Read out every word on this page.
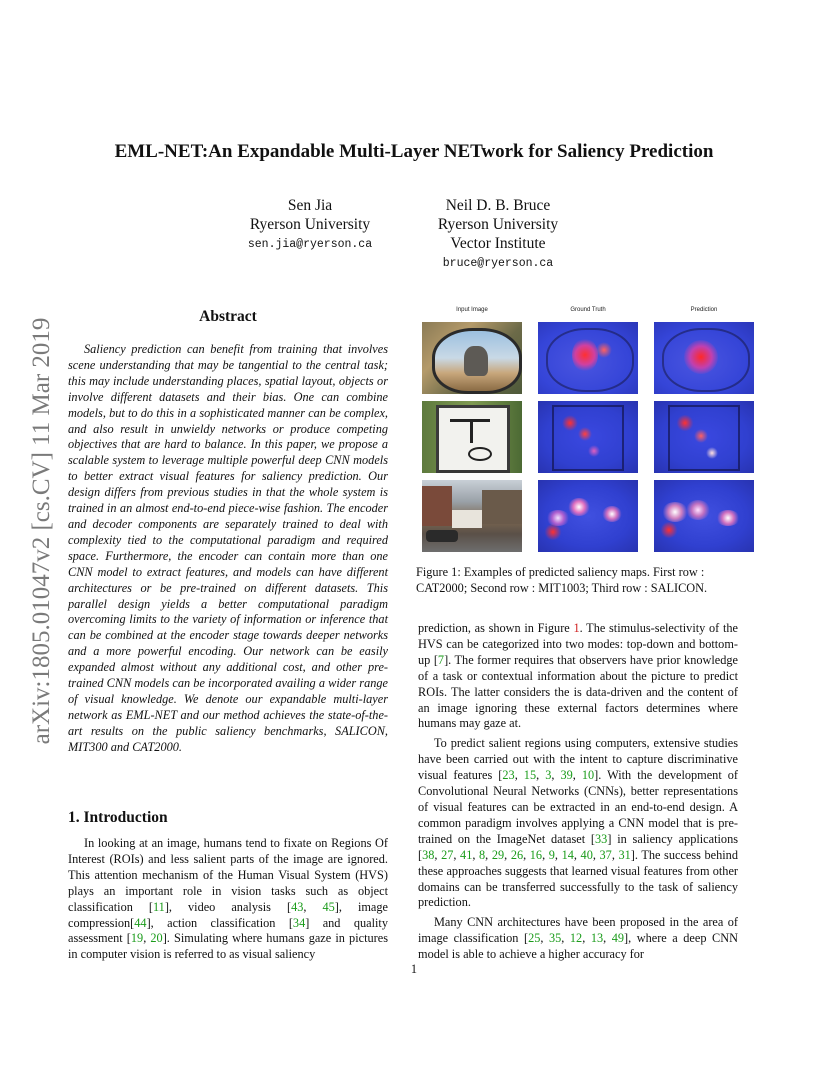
arXiv:1805.01047v2 [cs.CV] 11 Mar 2019
EML-NET:An Expandable Multi-Layer NETwork for Saliency Prediction
Sen Jia
Ryerson University
sen.jia@ryerson.ca
Neil D. B. Bruce
Ryerson University
Vector Institute
bruce@ryerson.ca
Abstract
Saliency prediction can benefit from training that involves scene understanding that may be tangential to the central task; this may include understanding places, spatial layout, objects or involve different datasets and their bias. One can combine models, but to do this in a sophisticated manner can be complex, and also result in unwieldy networks or produce competing objectives that are hard to balance. In this paper, we propose a scalable system to leverage multiple powerful deep CNN models to better extract visual features for saliency prediction. Our design differs from previous studies in that the whole system is trained in an almost end-to-end piece-wise fashion. The encoder and decoder components are separately trained to deal with complexity tied to the computational paradigm and required space. Furthermore, the encoder can contain more than one CNN model to extract features, and models can have different architectures or be pre-trained on different datasets. This parallel design yields a better computational paradigm overcoming limits to the variety of information or inference that can be combined at the encoder stage towards deeper networks and a more powerful encoding. Our network can be easily expanded almost without any additional cost, and other pre-trained CNN models can be incorporated availing a wider range of visual knowledge. We denote our expandable multi-layer network as EML-NET and our method achieves the state-of-the-art results on the public saliency benchmarks, SALICON, MIT300 and CAT2000.
1. Introduction
In looking at an image, humans tend to fixate on Regions Of Interest (ROIs) and less salient parts of the image are ignored. This attention mechanism of the Human Visual System (HVS) plays an important role in vision tasks such as object classification [11], video analysis [43, 45], image compression[44], action classification [34] and quality assessment [19, 20]. Simulating where humans gaze in pictures in computer vision is referred to as visual saliency
Input Image	Ground Truth	Prediction
Figure 1: Examples of predicted saliency maps. First row : CAT2000; Second row : MIT1003; Third row : SALICON.

prediction, as shown in Figure 1. The stimulus-selectivity of the HVS can be categorized into two modes: top-down and bottom-up [7]. The former requires that observers have prior knowledge of a task or contextual information about the picture to predict ROIs. The latter considers the is data-driven and the content of an image ignoring these external factors determines where humans may gaze at.

To predict salient regions using computers, extensive studies have been carried out with the intent to capture discriminative visual features [23, 15, 3, 39, 10]. With the development of Convolutional Neural Networks (CNNs), better representations of visual features can be extracted in an end-to-end design. A common paradigm involves applying a CNN model that is pre-trained on the ImageNet dataset [33] in saliency applications [38, 27, 41, 8, 29, 26, 16, 9, 14, 40, 37, 31]. The success behind these approaches suggests that learned visual features from other domains can be transferred successfully to the task of saliency prediction.

Many CNN architectures have been proposed in the area of image classification [25, 35, 12, 13, 49], where a deep CNN model is able to achieve a higher accuracy for

1
